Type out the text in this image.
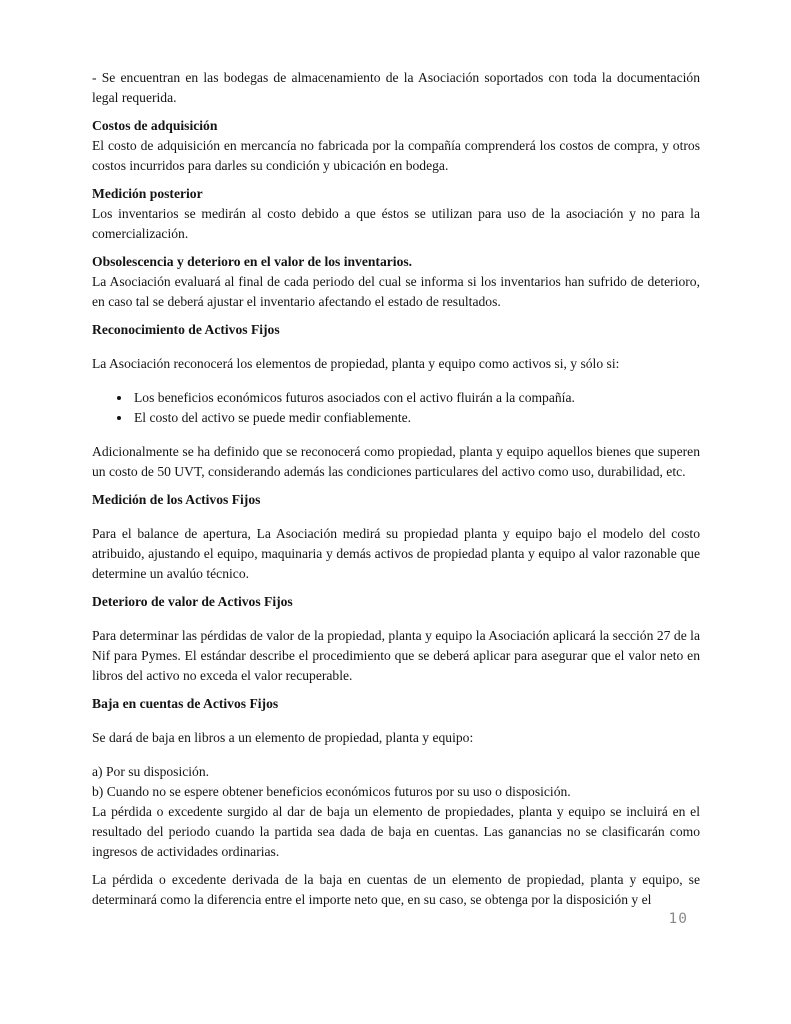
- Se encuentran en las bodegas de almacenamiento de la Asociación soportados con toda la documentación legal requerida.

Costos de adquisición

El costo de adquisición en mercancía no fabricada por la compañía comprenderá los costos de compra, y otros costos incurridos para darles su condición y ubicación en bodega.

Medición posterior

Los inventarios se medirán al costo debido a que éstos se utilizan para uso de la asociación y no para la comercialización.

Obsolescencia y deterioro en el valor de los inventarios.

La Asociación evaluará al final de cada periodo del cual se informa si los inventarios han sufrido de deterioro, en caso tal se deberá ajustar el inventario afectando el estado de resultados.

Reconocimiento de Activos Fijos

La Asociación reconocerá los elementos de propiedad, planta y equipo como activos si, y sólo si:

• Los beneficios económicos futuros asociados con el activo fluirán a la compañía.
• El costo del activo se puede medir confiablemente.

Adicionalmente se ha definido que se reconocerá como propiedad, planta y equipo aquellos bienes que superen un costo de 50 UVT, considerando además las condiciones particulares del activo como uso, durabilidad, etc.

Medición de los Activos Fijos

Para el balance de apertura, La Asociación medirá su propiedad planta y equipo bajo el modelo del costo atribuido, ajustando el equipo, maquinaria y demás activos de propiedad planta y equipo al valor razonable que determine un avalúo técnico.

Deterioro de valor de Activos Fijos

Para determinar las pérdidas de valor de la propiedad, planta y equipo la Asociación aplicará la sección 27 de la Nif para Pymes. El estándar describe el procedimiento que se deberá aplicar para asegurar que el valor neto en libros del activo no exceda el valor recuperable.

Baja en cuentas de Activos Fijos

Se dará de baja en libros a un elemento de propiedad, planta y equipo:

a) Por su disposición.

b) Cuando no se espere obtener beneficios económicos futuros por su uso o disposición.

La pérdida o excedente surgido al dar de baja un elemento de propiedades, planta y equipo se incluirá en el resultado del periodo cuando la partida sea dada de baja en cuentas. Las ganancias no se clasificarán como ingresos de actividades ordinarias.

La pérdida o excedente derivada de la baja en cuentas de un elemento de propiedad, planta y equipo, se determinará como la diferencia entre el importe neto que, en su caso, se obtenga por la disposición y el

10
